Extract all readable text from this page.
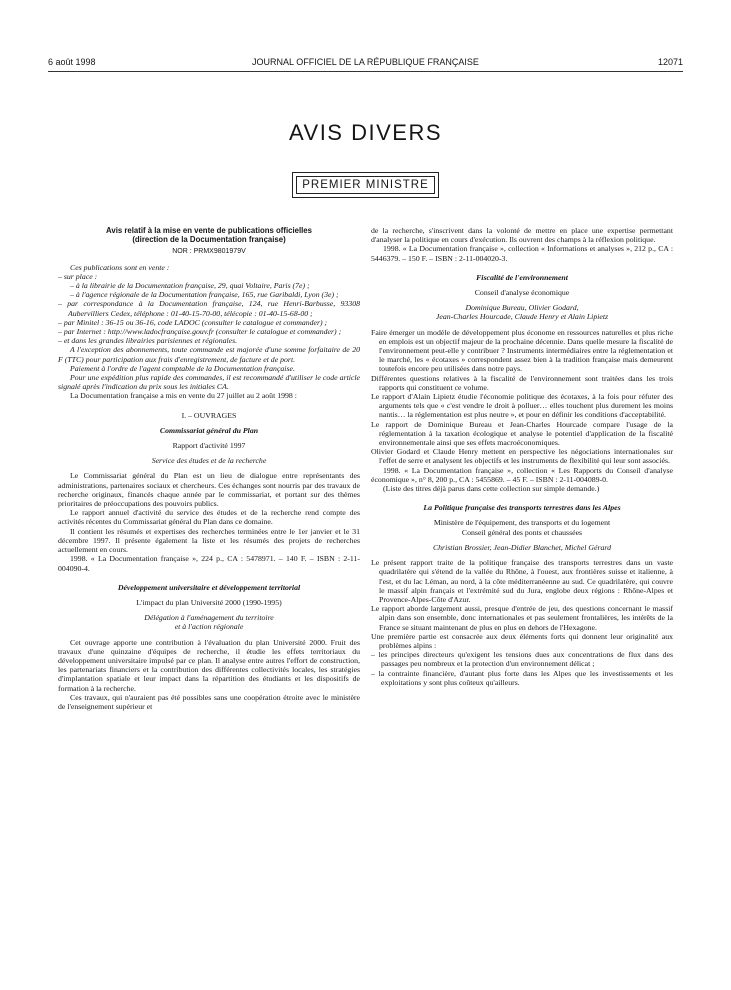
6 août 1998	JOURNAL OFFICIEL DE LA RÉPUBLIQUE FRANÇAISE	12071
AVIS DIVERS
PREMIER MINISTRE

Avis relatif à la mise en vente de publications officielles

(direction de la Documentation française)

NOR : PRMX9801979V

Ces publications sont en vente :

– sur place :

– à la librairie de la Documentation française, 29, quai Voltaire, Paris (7e) ;

– à l'agence régionale de la Documentation française, 165, rue Garibaldi, Lyon (3e) ;

– par correspondance à la Documentation française, 124, rue Henri-Barbusse, 93308 Aubervilliers Cedex, téléphone : 01-40-15-70-00, télécopie : 01-40-15-68-00 ;

– par Minitel : 36-15 ou 36-16, code LADOC (consulter le catalogue et commander) ;

– par Internet : http://www.ladocfrançaise.gouv.fr (consulter le catalogue et commander) ;

– et dans les grandes librairies parisiennes et régionales.

A l'exception des abonnements, toute commande est majorée d'une somme forfaitaire de 20 F (TTC) pour participation aux frais d'enregistrement, de facture et de port.

Paiement à l'ordre de l'agent comptable de la Documentation française.

Pour une expédition plus rapide des commandes, il est recommandé d'utiliser le code article signalé après l'indication du prix sous les initiales CA.

La Documentation française a mis en vente du 27 juillet au 2 août 1998 :

I. – OUVRAGES

Commissariat général du Plan

Rapport d'activité 1997

Service des études et de la recherche

Le Commissariat général du Plan est un lieu de dialogue entre représentants des administrations, partenaires sociaux et chercheurs. Ces échanges sont nourris par des travaux de recherche originaux, financés chaque année par le commissariat, et portant sur des thèmes prioritaires de préoccupations des pouvoirs publics.

Le rapport annuel d'activité du service des études et de la recherche rend compte des activités récentes du Commissariat général du Plan dans ce domaine.

Il contient les résumés et expertises des recherches terminées entre le 1er janvier et le 31 décembre 1997. Il présente également la liste et les résumés des projets de recherches actuellement en cours.

1998. « La Documentation française », 224 p., CA : 5478971. – 140 F. – ISBN : 2-11-004090-4.

Développement universitaire et développement territorial

L'impact du plan Université 2000 (1990-1995)

Délégation à l'aménagement du territoire

et à l'action régionale

Cet ouvrage apporte une contribution à l'évaluation du plan Université 2000. Fruit des travaux d'une quinzaine d'équipes de recherche, il étudie les effets territoriaux du développement universitaire impulsé par ce plan. Il analyse entre autres l'effort de construction, les partenariats financiers et la contribution des différentes collectivités locales, les stratégies d'implantation spatiale et leur impact dans la répartition des étudiants et les dispositifs de formation à la recherche.

Ces travaux, qui n'auraient pas été possibles sans une coopération étroite avec le ministère de l'enseignement supérieur et

de la recherche, s'inscrivent dans la volonté de mettre en place une expertise permettant d'analyser la politique en cours d'exécution. Ils ouvrent des champs à la réflexion politique.

1998. « La Documentation française », collection « Informations et analyses », 212 p., CA : 5446379. – 150 F. – ISBN : 2-11-004020-3.

Fiscalité de l'environnement

Conseil d'analyse économique

Dominique Bureau, Olivier Godard,

Jean-Charles Hourcade, Claude Henry et Alain Lipietz

Faire émerger un modèle de développement plus économe en ressources naturelles et plus riche en emplois est un objectif majeur de la prochaine décennie. Dans quelle mesure la fiscalité de l'environnement peut-elle y contribuer ? Instruments intermédiaires entre la réglementation et le marché, les « écotaxes » correspondent assez bien à la tradition française mais demeurent toutefois encore peu utilisées dans notre pays.

Différentes questions relatives à la fiscalité de l'environnement sont traitées dans les trois rapports qui constituent ce volume.

Le rapport d'Alain Lipietz étudie l'économie politique des écotaxes, à la fois pour réfuter des arguments tels que « c'est vendre le droit à polluer… elles touchent plus durement les moins nantis… la réglementation est plus neutre », et pour en définir les conditions d'acceptabilité.

Le rapport de Dominique Bureau et Jean-Charles Hourcade compare l'usage de la réglementation à la taxation écologique et analyse le potentiel d'application de la fiscalité environnementale ainsi que ses effets macroéconomiques.

Olivier Godard et Claude Henry mettent en perspective les négociations internationales sur l'effet de serre et analysent les objectifs et les instruments de flexibilité qui leur sont associés.

1998. « La Documentation française », collection « Les Rapports du Conseil d'analyse économique », n° 8, 200 p., CA : 5455869. – 45 F. – ISBN : 2-11-004089-0.

(Liste des titres déjà parus dans cette collection sur simple demande.)

La Politique française des transports terrestres dans les Alpes

Ministère de l'équipement, des transports et du logement

Conseil général des ponts et chaussées

Christian Brossier, Jean-Didier Blanchet, Michel Gérard

Le présent rapport traite de la politique française des transports terrestres dans un vaste quadrilatère qui s'étend de la vallée du Rhône, à l'ouest, aux frontières suisse et italienne, à l'est, et du lac Léman, au nord, à la côte méditerranéenne au sud. Ce quadrilatère, qui couvre le massif alpin français et l'extrémité sud du Jura, englobe deux régions : Rhône-Alpes et Provence-Alpes-Côte d'Azur.

Le rapport aborde largement aussi, presque d'entrée de jeu, des questions concernant le massif alpin dans son ensemble, donc internationales et pas seulement frontalières, les intérêts de la France se situant maintenant de plus en plus en dehors de l'Hexagone.

Une première partie est consacrée aux deux éléments forts qui donnent leur originalité aux problèmes alpins :

– les principes directeurs qu'exigent les tensions dues aux concentrations de flux dans des passages peu nombreux et la protection d'un environnement délicat ;

– la contrainte financière, d'autant plus forte dans les Alpes que les investissements et les exploitations y sont plus coûteux qu'ailleurs.
